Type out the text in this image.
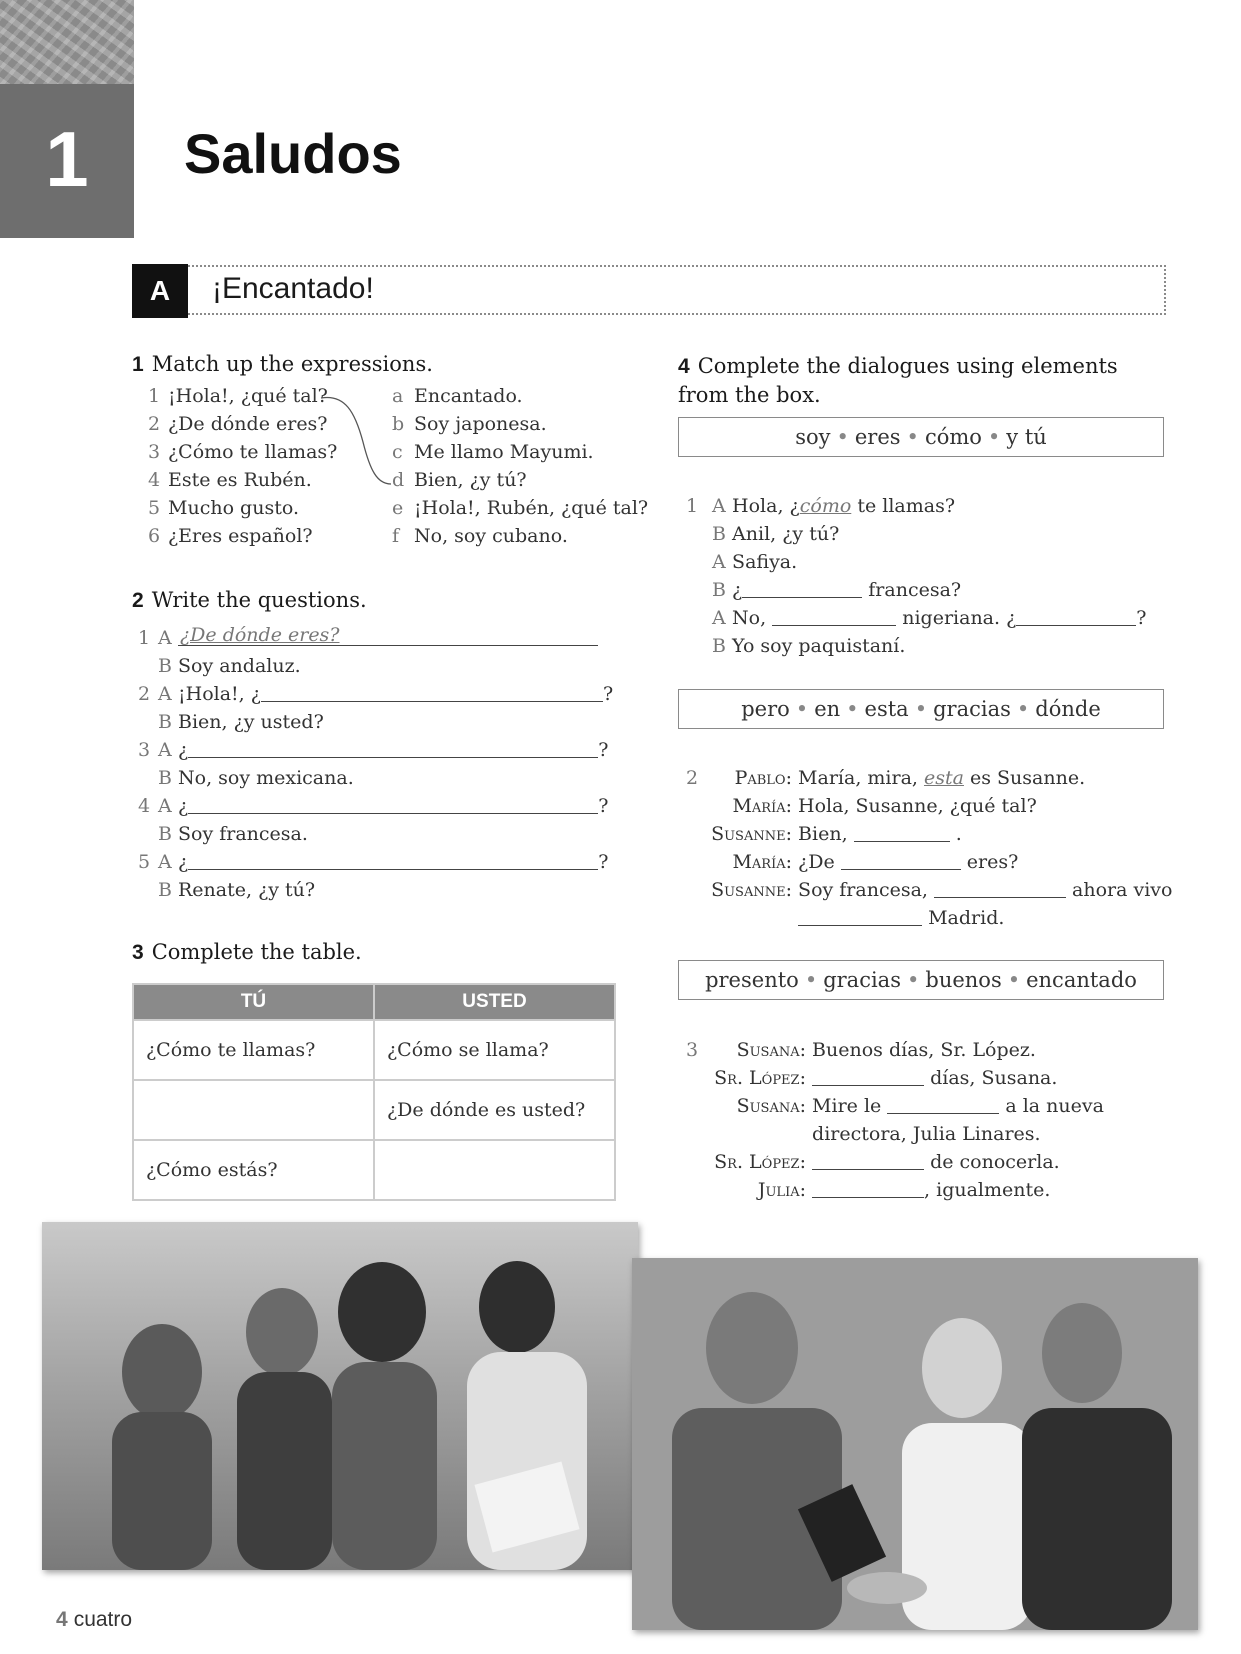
1	Saludos
A	¡Encantado!
1 Match up the expressions.
1 ¡Hola!, ¿qué tal?
2 ¿De dónde eres?
3 ¿Cómo te llamas?
4 Este es Rubén.
5 Mucho gusto.
6 ¿Eres español?
a Encantado.
b Soy japonesa.
c Me llamo Mayumi.
d Bien, ¿y tú?
e ¡Hola!, Rubén, ¿qué tal?
f No, soy cubano.
2 Write the questions.
1 A ¿De dónde eres?
B Soy andaluz.
2 A ¡Hola!, ¿	?
B Bien, ¿y usted?
3 A ¿	?
B No, soy mexicana.
4 A ¿	?
B Soy francesa.
5 A ¿	?
B Renate, ¿y tú?
3 Complete the table.
TÚ	USTED
¿Cómo te llamas?	¿Cómo se llama?
	¿De dónde es usted?
¿Cómo estás?	
4 Complete the dialogues using elements
from the box.
soy • eres • cómo • y tú
1 A Hola, ¿cómo te llamas?
B Anil, ¿y tú?
A Safiya.
B ¿	francesa?
A No,	nigeriana. ¿	?
B Yo soy paquistaní.
pero • en • esta • gracias • dónde
2 Pablo: María, mira, esta es Susanne.
María: Hola, Susanne, ¿qué tal?
Susanne: Bien,	.
María: ¿De	eres?
Susanne: Soy francesa,	ahora vivo
Madrid.
presento • gracias • buenos • encantado
3 Susana: Buenos días, Sr. López.
Sr. López:	días, Susana.
Susana: Mire le	a la nueva
directora, Julia Linares.
Sr. López:	de conocerla.
Julia:	, igualmente.
4 cuatro
